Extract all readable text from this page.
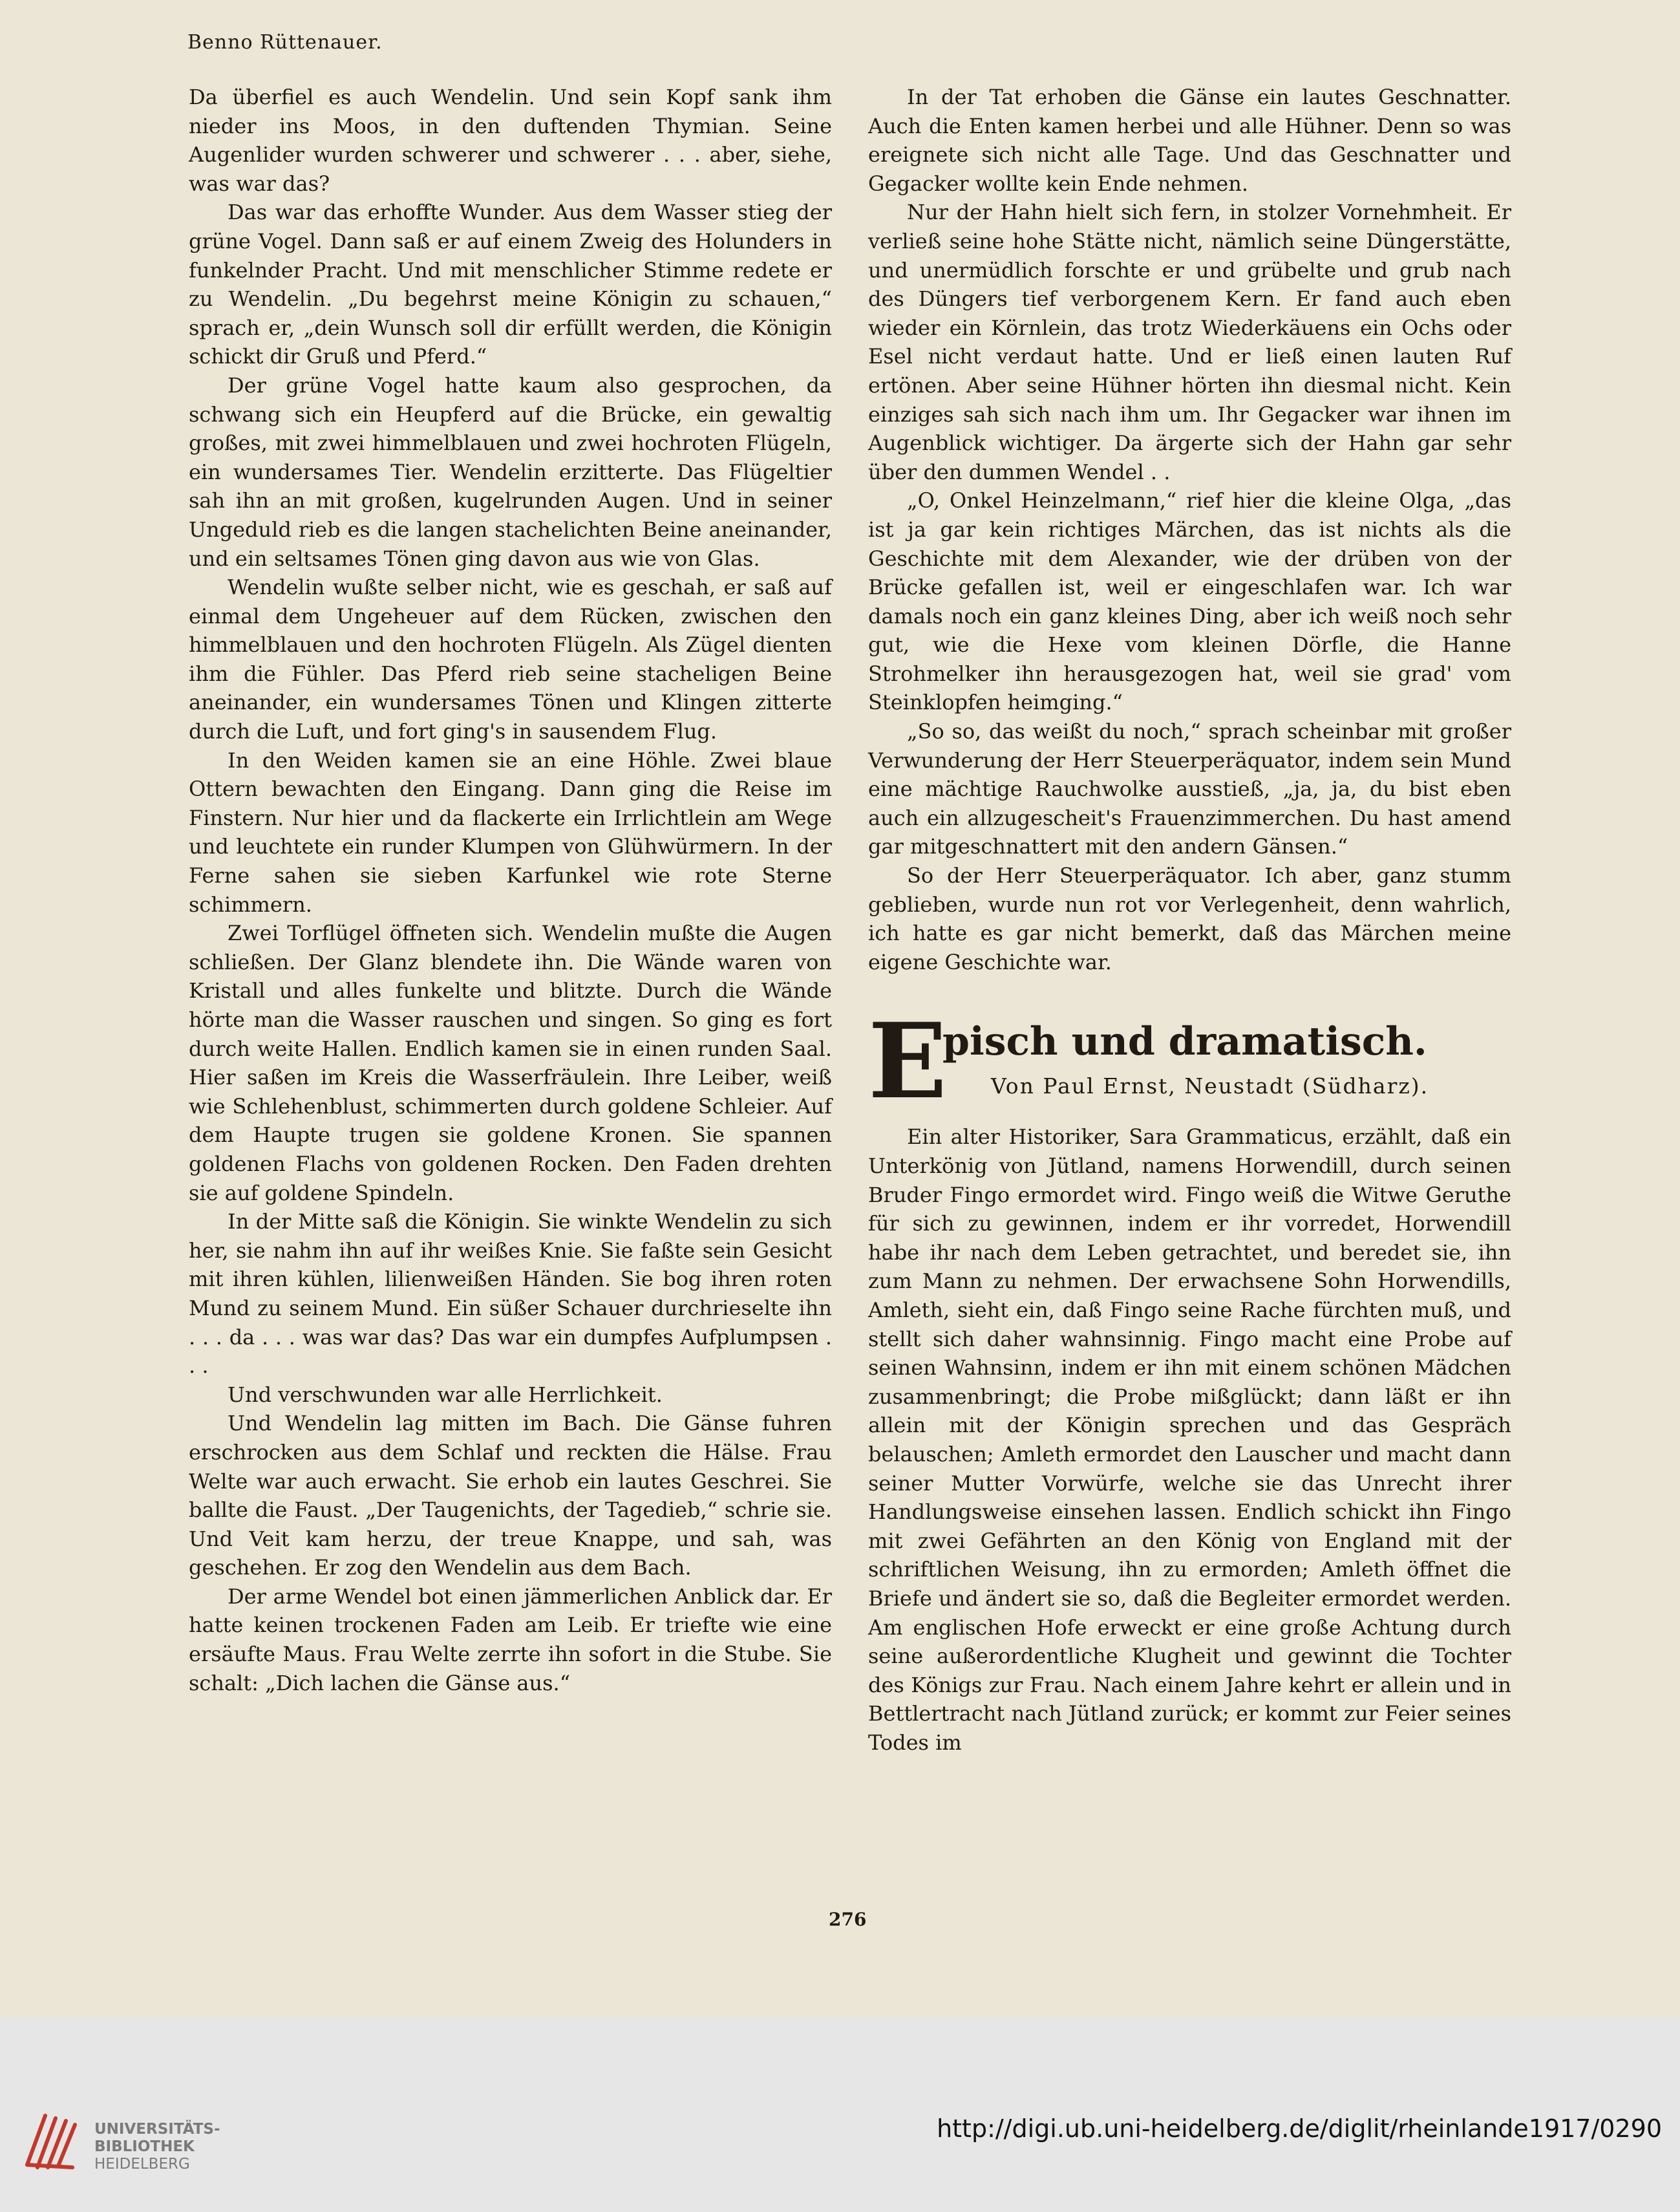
Benno Rüttenauer.

Da überfiel es auch Wendelin. Und sein Kopf sank ihm nieder ins Moos, in den duftenden Thymian. Seine Augenlider wurden schwerer und schwerer . . . aber, siehe, was war das?

Das war das erhoffte Wunder. Aus dem Wasser stieg der grüne Vogel. Dann saß er auf einem Zweig des Holunders in funkelnder Pracht. Und mit menschlicher Stimme redete er zu Wendelin. „Du begehrst meine Königin zu schauen,“ sprach er, „dein Wunsch soll dir erfüllt werden, die Königin schickt dir Gruß und Pferd.“

Der grüne Vogel hatte kaum also gesprochen, da schwang sich ein Heupferd auf die Brücke, ein gewaltig großes, mit zwei himmelblauen und zwei hochroten Flügeln, ein wundersames Tier. Wendelin erzitterte. Das Flügeltier sah ihn an mit großen, kugelrunden Augen. Und in seiner Ungeduld rieb es die langen stachelichten Beine aneinander, und ein seltsames Tönen ging davon aus wie von Glas.

Wendelin wußte selber nicht, wie es geschah, er saß auf einmal dem Ungeheuer auf dem Rücken, zwischen den himmelblauen und den hochroten Flügeln. Als Zügel dienten ihm die Fühler. Das Pferd rieb seine stacheligen Beine aneinander, ein wundersames Tönen und Klingen zitterte durch die Luft, und fort ging's in sausendem Flug.

In den Weiden kamen sie an eine Höhle. Zwei blaue Ottern bewachten den Eingang. Dann ging die Reise im Finstern. Nur hier und da flackerte ein Irrlichtlein am Wege und leuchtete ein runder Klumpen von Glühwürmern. In der Ferne sahen sie sieben Karfunkel wie rote Sterne schimmern.

Zwei Torflügel öffneten sich. Wendelin mußte die Augen schließen. Der Glanz blendete ihn. Die Wände waren von Kristall und alles funkelte und blitzte. Durch die Wände hörte man die Wasser rauschen und singen. So ging es fort durch weite Hallen. Endlich kamen sie in einen runden Saal. Hier saßen im Kreis die Wasserfräulein. Ihre Leiber, weiß wie Schlehenblust, schimmerten durch goldene Schleier. Auf dem Haupte trugen sie goldene Kronen. Sie spannen goldenen Flachs von goldenen Rocken. Den Faden drehten sie auf goldene Spindeln.

In der Mitte saß die Königin. Sie winkte Wendelin zu sich her, sie nahm ihn auf ihr weißes Knie. Sie faßte sein Gesicht mit ihren kühlen, lilienweißen Händen. Sie bog ihren roten Mund zu seinem Mund. Ein süßer Schauer durchrieselte ihn . . . da . . . was war das? Das war ein dumpfes Aufplumpsen . . .

Und verschwunden war alle Herrlichkeit.

Und Wendelin lag mitten im Bach. Die Gänse fuhren erschrocken aus dem Schlaf und reckten die Hälse. Frau Welte war auch erwacht. Sie erhob ein lautes Geschrei. Sie ballte die Faust. „Der Taugenichts, der Tagedieb,“ schrie sie. Und Veit kam herzu, der treue Knappe, und sah, was geschehen. Er zog den Wendelin aus dem Bach.

Der arme Wendel bot einen jämmerlichen Anblick dar. Er hatte keinen trockenen Faden am Leib. Er triefte wie eine ersäufte Maus. Frau Welte zerrte ihn sofort in die Stube. Sie schalt: „Dich lachen die Gänse aus.“

In der Tat erhoben die Gänse ein lautes Geschnatter. Auch die Enten kamen herbei und alle Hühner. Denn so was ereignete sich nicht alle Tage. Und das Geschnatter und Gegacker wollte kein Ende nehmen.

Nur der Hahn hielt sich fern, in stolzer Vornehmheit. Er verließ seine hohe Stätte nicht, nämlich seine Düngerstätte, und unermüdlich forschte er und grübelte und grub nach des Düngers tief verborgenem Kern. Er fand auch eben wieder ein Körnlein, das trotz Wiederkäuens ein Ochs oder Esel nicht verdaut hatte. Und er ließ einen lauten Ruf ertönen. Aber seine Hühner hörten ihn diesmal nicht. Kein einziges sah sich nach ihm um. Ihr Gegacker war ihnen im Augenblick wichtiger. Da ärgerte sich der Hahn gar sehr über den dummen Wendel . .

„O, Onkel Heinzelmann,“ rief hier die kleine Olga, „das ist ja gar kein richtiges Märchen, das ist nichts als die Geschichte mit dem Alexander, wie der drüben von der Brücke gefallen ist, weil er eingeschlafen war. Ich war damals noch ein ganz kleines Ding, aber ich weiß noch sehr gut, wie die Hexe vom kleinen Dörfle, die Hanne Strohmelker ihn herausgezogen hat, weil sie grad' vom Steinklopfen heimging.“

„So so, das weißt du noch,“ sprach scheinbar mit großer Verwunderung der Herr Steuerperäquator, indem sein Mund eine mächtige Rauchwolke ausstieß, „ja, ja, du bist eben auch ein allzugescheit's Frauenzimmerchen. Du hast amend gar mitgeschnattert mit den andern Gänsen.“

So der Herr Steuerperäquator. Ich aber, ganz stumm geblieben, wurde nun rot vor Verlegenheit, denn wahrlich, ich hatte es gar nicht bemerkt, daß das Märchen meine eigene Geschichte war.

E
pisch und dramatisch.
Von Paul Ernst, Neustadt (Südharz).

Ein alter Historiker, Sara Grammaticus, erzählt, daß ein Unterkönig von Jütland, namens Horwendill, durch seinen Bruder Fingo ermordet wird. Fingo weiß die Witwe Geruthe für sich zu gewinnen, indem er ihr vorredet, Horwendill habe ihr nach dem Leben getrachtet, und beredet sie, ihn zum Mann zu nehmen. Der erwachsene Sohn Horwendills, Amleth, sieht ein, daß Fingo seine Rache fürchten muß, und stellt sich daher wahnsinnig. Fingo macht eine Probe auf seinen Wahnsinn, indem er ihn mit einem schönen Mädchen zusammenbringt; die Probe mißglückt; dann läßt er ihn allein mit der Königin sprechen und das Gespräch belauschen; Amleth ermordet den Lauscher und macht dann seiner Mutter Vorwürfe, welche sie das Unrecht ihrer Handlungsweise einsehen lassen. Endlich schickt ihn Fingo mit zwei Gefährten an den König von England mit der schriftlichen Weisung, ihn zu ermorden; Amleth öffnet die Briefe und ändert sie so, daß die Begleiter ermordet werden. Am englischen Hofe erweckt er eine große Achtung durch seine außerordentliche Klugheit und gewinnt die Tochter des Königs zur Frau. Nach einem Jahre kehrt er allein und in Bettlertracht nach Jütland zurück; er kommt zur Feier seines Todes im

276
UNIVERSITÄTS-
BIBLIOTHEK
HEIDELBERG
http://digi.ub.uni-heidelberg.de/diglit/rheinlande1917/0290
